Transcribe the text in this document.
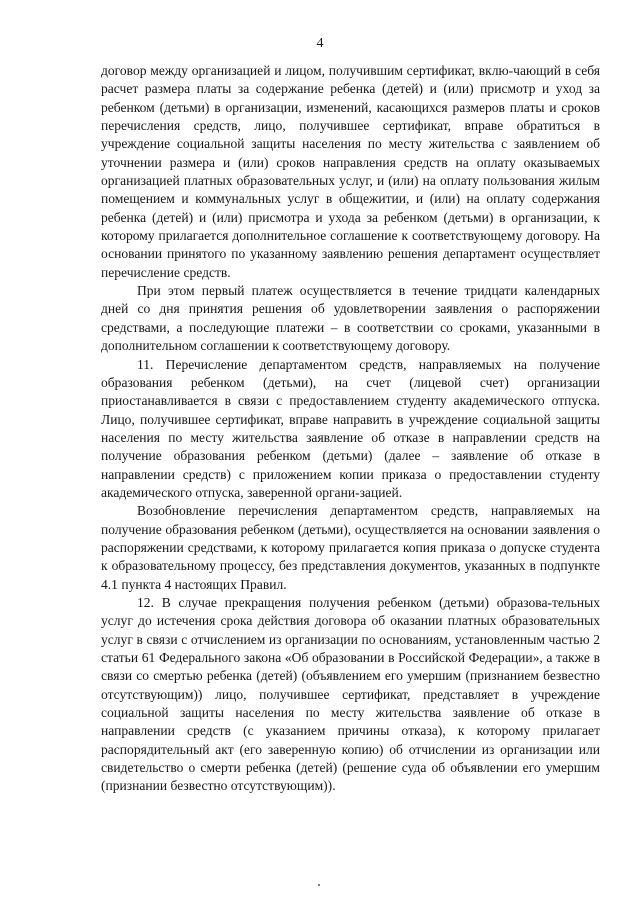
4

договор между организацией и лицом, получившим сертификат, вклю-чающий в себя расчет размера платы за содержание ребенка (детей) и (или) присмотр и уход за ребенком (детьми) в организации, изменений, касающихся размеров платы и сроков перечисления средств, лицо, получившее сертификат, вправе обратиться в учреждение социальной защиты населения по месту жительства с заявлением об уточнении размера и (или) сроков направления средств на оплату оказываемых организацией платных образовательных услуг, и (или) на оплату пользования жилым помещением и коммунальных услуг в общежитии, и (или) на оплату содержания ребенка (детей) и (или) присмотра и ухода за ребенком (детьми) в организации, к которому прилагается дополнительное соглашение к соответствующему договору. На основании принятого по указанному заявлению решения департамент осуществляет перечисление средств.

При этом первый платеж осуществляется в течение тридцати календарных дней со дня принятия решения об удовлетворении заявления о распоряжении средствами, а последующие платежи – в соответствии со сроками, указанными в дополнительном соглашении к соответствующему договору.

11. Перечисление департаментом средств, направляемых на получение образования ребенком (детьми), на счет (лицевой счет) организации приостанавливается в связи с предоставлением студенту академического отпуска. Лицо, получившее сертификат, вправе направить в учреждение социальной защиты населения по месту жительства заявление об отказе в направлении средств на получение образования ребенком (детьми) (далее – заявление об отказе в направлении средств) с приложением копии приказа о предоставлении студенту академического отпуска, заверенной органи-зацией.

Возобновление перечисления департаментом средств, направляемых на получение образования ребенком (детьми), осуществляется на основании заявления о распоряжении средствами, к которому прилагается копия приказа о допуске студента к образовательному процессу, без представления документов, указанных в подпункте 4.1 пункта 4 настоящих Правил.

12. В случае прекращения получения ребенком (детьми) образова-тельных услуг до истечения срока действия договора об оказании платных образовательных услуг в связи с отчислением из организации по основаниям, установленным частью 2 статьи 61 Федерального закона «Об образовании в Российской Федерации», а также в связи со смертью ребенка (детей) (объявлением его умершим (признанием безвестно отсутствующим)) лицо, получившее сертификат, представляет в учреждение социальной защиты населения по месту жительства заявление об отказе в направлении средств (с указанием причины отказа), к которому прилагает распорядительный акт (его заверенную копию) об отчислении из организации или свидетельство о смерти ребенка (детей) (решение суда об объявлении его умершим (признании безвестно отсутствующим)).
